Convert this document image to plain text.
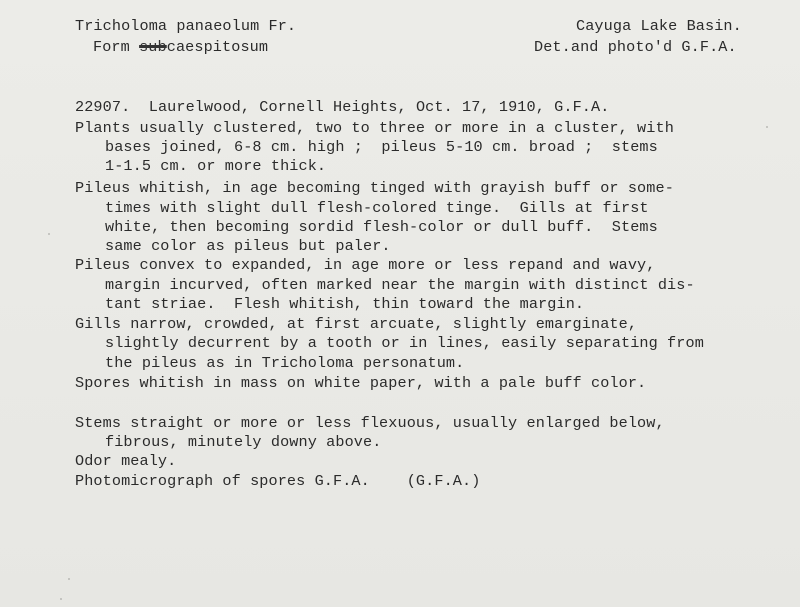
Tricholoma panaeolum Fr.
Form subcaespitosum
Cayuga Lake Basin.
Det.and photo'd G.F.A.
22907. Laurelwood, Cornell Heights, Oct. 17, 1910, G.F.A.
Plants usually clustered, two to three or more in a cluster, with
bases joined, 6-8 cm. high ;  pileus 5-10 cm. broad ;  stems
1-1.5 cm. or more thick.
Pileus whitish, in age becoming tinged with grayish buff or some-
times with slight dull flesh-colored tinge.  Gills at first
white, then becoming sordid flesh-color or dull buff.  Stems
same color as pileus but paler.
Pileus convex to expanded, in age more or less repand and wavy,
margin incurved, often marked near the margin with distinct dis-
tant striae.  Flesh whitish, thin toward the margin.
Gills narrow, crowded, at first arcuate, slightly emarginate,
slightly decurrent by a tooth or in lines, easily separating from
the pileus as in Tricholoma personatum.
Spores whitish in mass on white paper, with a pale buff color.
Stems straight or more or less flexuous, usually enlarged below,
fibrous, minutely downy above.
Odor mealy.
Photomicrograph of spores G.F.A. (G.F.A.)
